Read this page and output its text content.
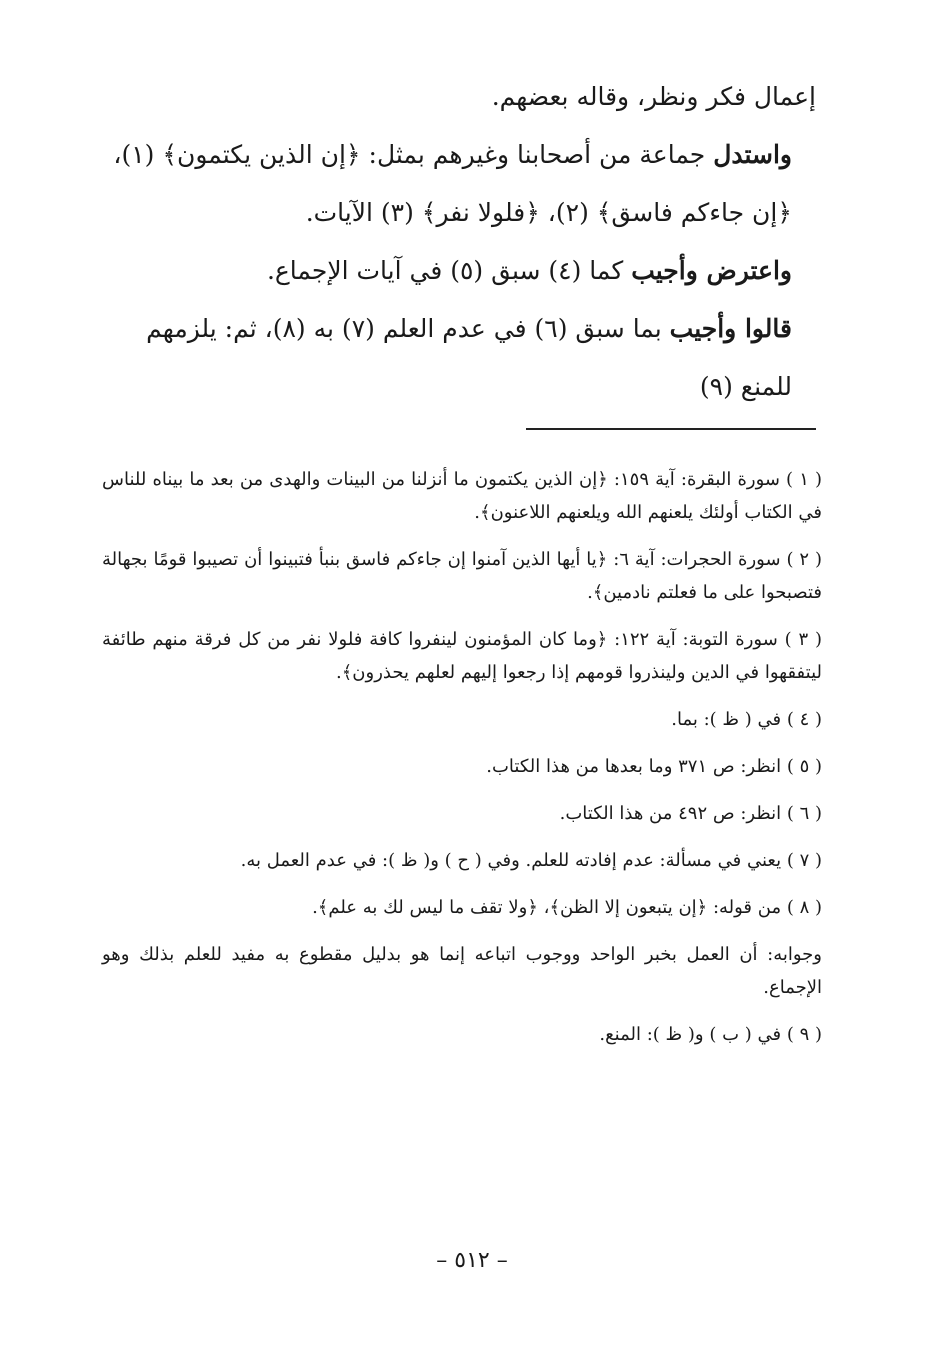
إعمال فكر ونظر، وقاله بعضهم.

واستدل جماعة من أصحابنا وغيرهم بمثل: ﴿إن الذين يكتمون﴾ (١)، ﴿إن جاءكم فاسق﴾ (٢)، ﴿فلولا نفر﴾ (٣) الآيات.

واعترض وأجيب كما (٤) سبق (٥) في آيات الإجماع.

قالوا وأجيب بما سبق (٦) في عدم العلم (٧) به (٨)، ثم: يلزمهم للمنع (٩)

( ١ ) سورة البقرة: آية ١٥٩: ﴿إن الذين يكتمون ما أنزلنا من البينات والهدى من بعد ما بيناه للناس في الكتاب أولئك يلعنهم الله ويلعنهم اللاعنون﴾.

( ٢ ) سورة الحجرات: آية ٦: ﴿يا أيها الذين آمنوا إن جاءكم فاسق بنبأ فتبينوا أن تصيبوا قومًا بجهالة فتصبحوا على ما فعلتم نادمين﴾.

( ٣ ) سورة التوبة: آية ١٢٢: ﴿وما كان المؤمنون لينفروا كافة فلولا نفر من كل فرقة منهم طائفة ليتفقهوا في الدين ولينذروا قومهم إذا رجعوا إليهم لعلهم يحذرون﴾.

( ٤ ) في ( ظ ): بما.

( ٥ ) انظر: ص ٣٧١ وما بعدها من هذا الكتاب.

( ٦ ) انظر: ص ٤٩٢ من هذا الكتاب.

( ٧ ) يعني في مسألة: عدم إفادته للعلم. وفي ( ح ) و( ظ ): في عدم العمل به.

( ٨ ) من قوله: ﴿إن يتبعون إلا الظن﴾، ﴿ولا تقف ما ليس لك به علم﴾.

وجوابه: أن العمل بخبر الواحد ووجوب اتباعه إنما هو بدليل مقطوع به مفيد للعلم بذلك وهو الإجماع.

( ٩ ) في ( ب ) و( ظ ): المنع.

– ٥١٢ –
